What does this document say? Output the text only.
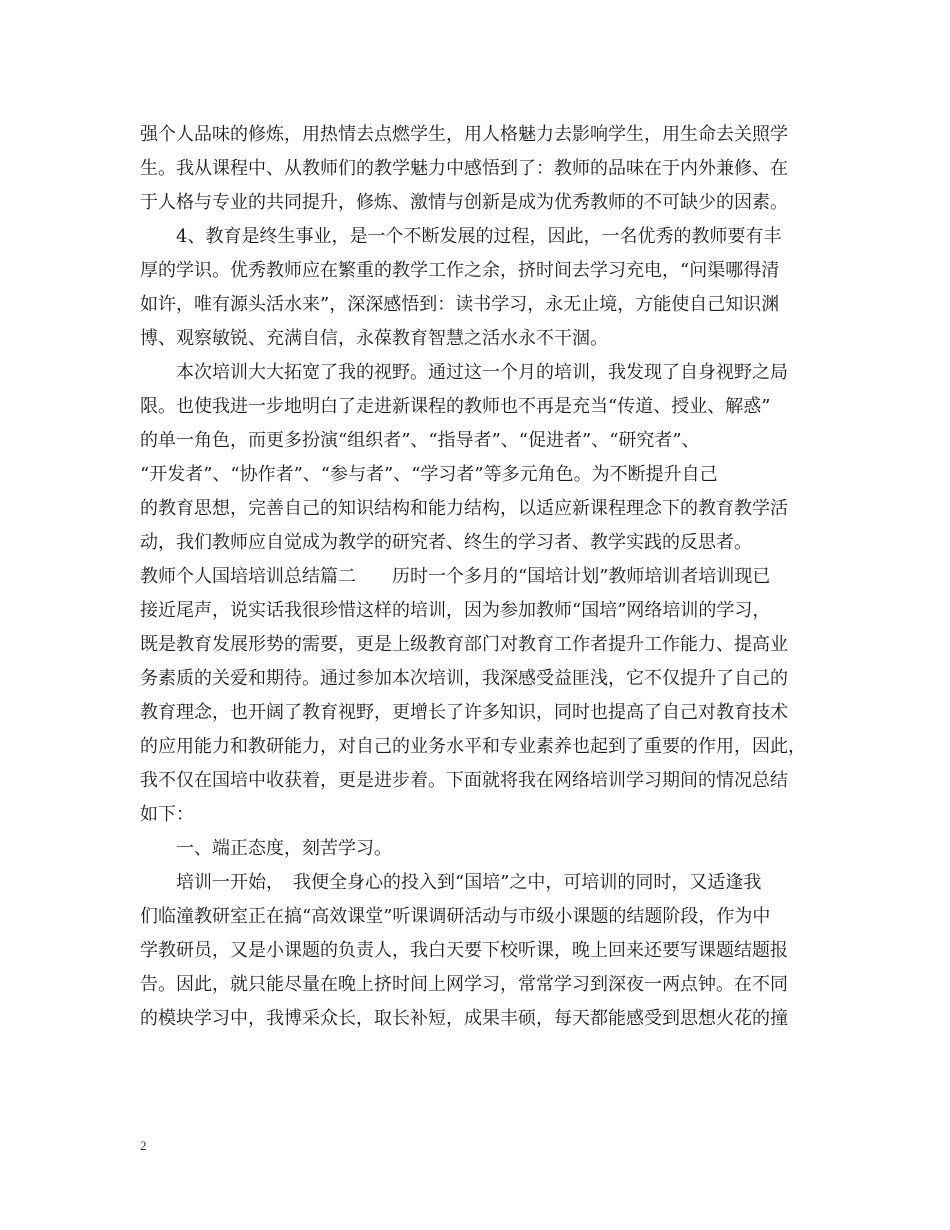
强个人品味的修炼，用热情去点燃学生，用人格魅力去影响学生，用生命去关照学
生。我从课程中、从教师们的教学魅力中感悟到了：教师的品味在于内外兼修、在
于人格与专业的共同提升，修炼、激情与创新是成为优秀教师的不可缺少的因素。
　　4、教育是终生事业，是一个不断发展的过程，因此，一名优秀的教师要有丰
厚的学识。优秀教师应在繁重的教学工作之余，挤时间去学习充电，“问渠哪得清
如许，唯有源头活水来”，深深感悟到：读书学习，永无止境，方能使自己知识渊
博、观察敏锐、充满自信，永葆教育智慧之活水永不干涸。
　　本次培训大大拓宽了我的视野。通过这一个月的培训，我发现了自身视野之局
限。也使我进一步地明白了走进新课程的教师也不再是充当“传道、授业、解惑”
的单一角色，而更多扮演“组织者”、“指导者”、“促进者”、“研究者”、
“开发者”、“协作者”、“参与者”、“学习者”等多元角色。为不断提升自己
的教育思想，完善自己的知识结构和能力结构，以适应新课程理念下的教育教学活
动，我们教师应自觉成为教学的研究者、终生的学习者、教学实践的反思者。
教师个人国培培训总结篇二　　历时一个多月的“国培计划”教师培训者培训现已
接近尾声，说实话我很珍惜这样的培训，因为参加教师“国培”网络培训的学习，
既是教育发展形势的需要，更是上级教育部门对教育工作者提升工作能力、提高业
务素质的关爱和期待。通过参加本次培训，我深感受益匪浅，它不仅提升了自己的
教育理念，也开阔了教育视野，更增长了许多知识，同时也提高了自己对教育技术
的应用能力和教研能力，对自己的业务水平和专业素养也起到了重要的作用，因此，
我不仅在国培中收获着，更是进步着。下面就将我在网络培训学习期间的情况总结
如下：
　　一、端正态度，刻苦学习。
　　培训一开始，　我便全身心的投入到“国培”之中，可培训的同时，又适逢我
们临潼教研室正在搞“高效课堂”听课调研活动与市级小课题的结题阶段，作为中
学教研员，又是小课题的负责人，我白天要下校听课，晚上回来还要写课题结题报
告。因此，就只能尽量在晚上挤时间上网学习，常常学习到深夜一两点钟。在不同
的模块学习中，我博采众长，取长补短，成果丰硕，每天都能感受到思想火花的撞
2
